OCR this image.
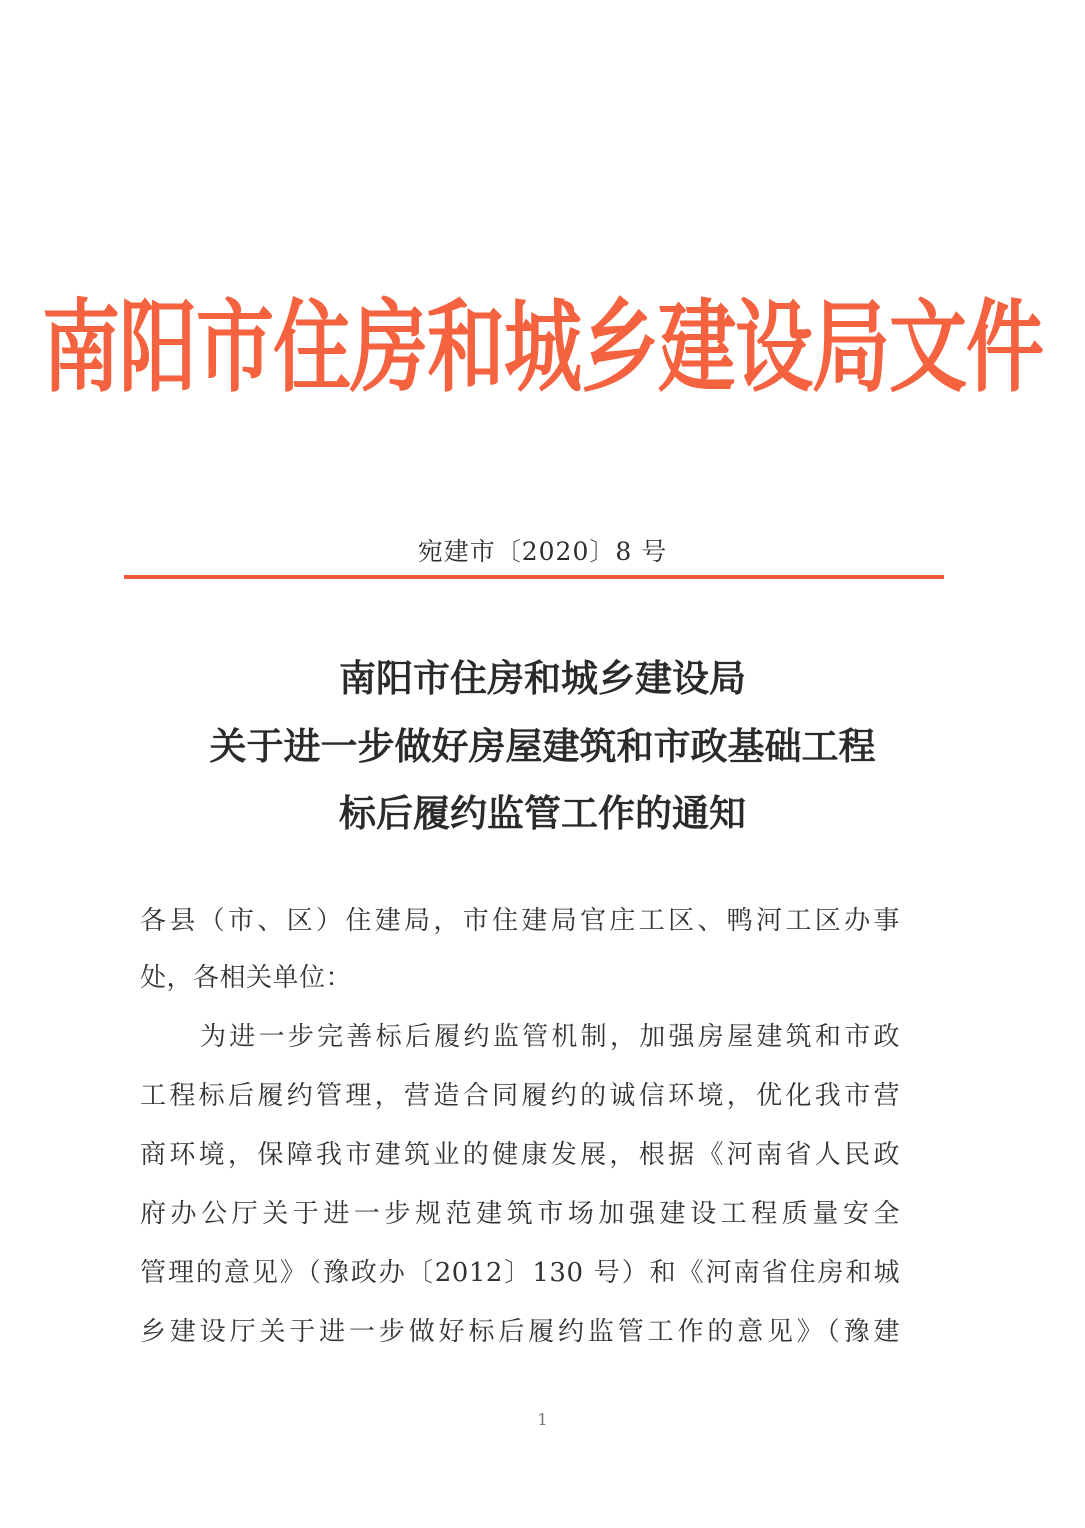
南阳市住房和城乡建设局文件
宛建市〔2020〕8 号
南阳市住房和城乡建设局
关于进一步做好房屋建筑和市政基础工程
标后履约监管工作的通知
各县（市、区）住建局，市住建局官庄工区、鸭河工区办事
处，各相关单位：
为进一步完善标后履约监管机制，加强房屋建筑和市政
工程标后履约管理，营造合同履约的诚信环境，优化我市营
商环境，保障我市建筑业的健康发展，根据《河南省人民政
府办公厅关于进一步规范建筑市场加强建设工程质量安全
管理的意见》（豫政办〔2012〕130 号）和《河南省住房和城
乡建设厅关于进一步做好标后履约监管工作的意见》（豫建
1
